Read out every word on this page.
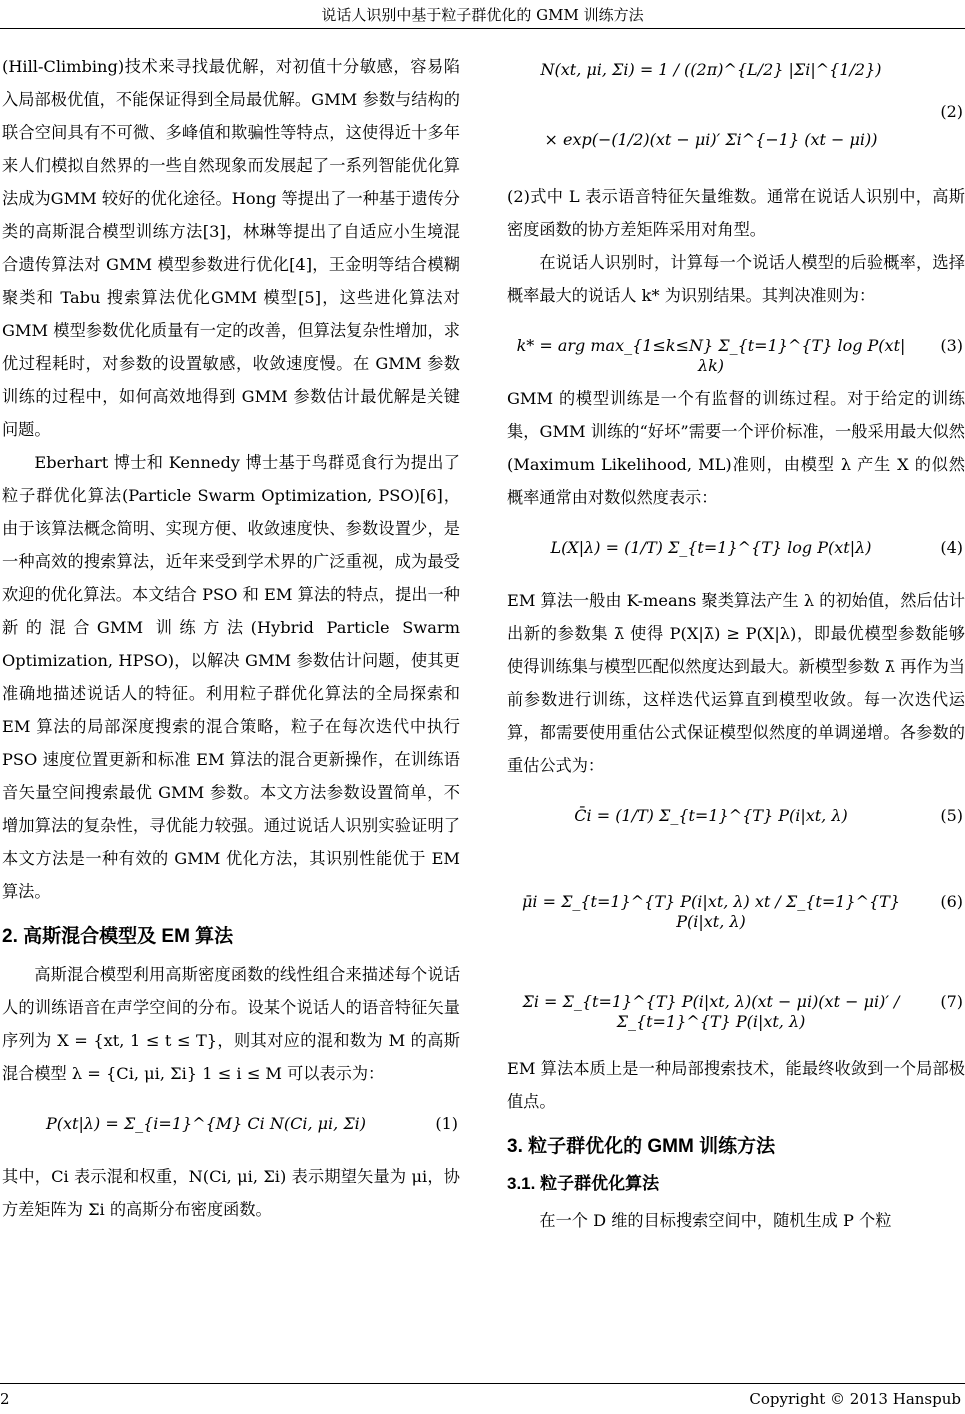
说话人识别中基于粒子群优化的 GMM 训练方法

(Hill-Climbing)技术来寻找最优解，对初值十分敏感，容易陷入局部极优值，不能保证得到全局最优解。GMM 参数与结构的联合空间具有不可微、多峰值和欺骗性等特点，这使得近十多年来人们模拟自然界的一些自然现象而发展起了一系列智能优化算法成为GMM 较好的优化途径。Hong 等提出了一种基于遗传分类的高斯混合模型训练方法[3]，林琳等提出了自适应小生境混合遗传算法对 GMM 模型参数进行优化[4]，王金明等结合模糊聚类和 Tabu 搜索算法优化GMM 模型[5]，这些进化算法对 GMM 模型参数优化质量有一定的改善，但算法复杂性增加，求优过程耗时，对参数的设置敏感，收敛速度慢。在 GMM 参数训练的过程中，如何高效地得到 GMM 参数估计最优解是关键问题。

Eberhart 博士和 Kennedy 博士基于鸟群觅食行为提出了粒子群优化算法(Particle Swarm Optimization, PSO)[6]，由于该算法概念简明、实现方便、收敛速度快、参数设置少，是一种高效的搜索算法，近年来受到学术界的广泛重视，成为最受欢迎的优化算法。本文结合 PSO 和 EM 算法的特点，提出一种新的混合GMM 训练方法(Hybrid Particle Swarm Optimization, HPSO)，以解决 GMM 参数估计问题，使其更准确地描述说话人的特征。利用粒子群优化算法的全局探索和 EM 算法的局部深度搜索的混合策略，粒子在每次迭代中执行 PSO 速度位置更新和标准 EM 算法的混合更新操作，在训练语音矢量空间搜索最优 GMM 参数。本文方法参数设置简单，不增加算法的复杂性，寻优能力较强。通过说话人识别实验证明了本文方法是一种有效的 GMM 优化方法，其识别性能优于 EM 算法。

2. 高斯混合模型及 EM 算法

高斯混合模型利用高斯密度函数的线性组合来描述每个说话人的训练语音在声学空间的分布。设某个说话人的语音特征矢量序列为 X = {xt, 1 ≤ t ≤ T}，则其对应的混和数为 M 的高斯混合模型 λ = {Ci, μi, Σi} 1 ≤ i ≤ M 可以表示为：

P(xt|λ) = Σ_{i=1}^{M} Ci N(Ci, μi, Σi)	(1)

其中，Ci 表示混和权重，N(Ci, μi, Σi) 表示期望矢量为 μi，协方差矩阵为 Σi 的高斯分布密度函数。

N(xt, μi, Σi) = 1 / ((2π)^{L/2} |Σi|^{1/2})
× exp(−(1/2)(xt − μi)′ Σi^{−1} (xt − μi))
(2)

(2)式中 L 表示语音特征矢量维数。通常在说话人识别中，高斯密度函数的协方差矩阵采用对角型。

在说话人识别时，计算每一个说话人模型的后验概率，选择概率最大的说话人 k* 为识别结果。其判决准则为：

k* = arg max_{1≤k≤N} Σ_{t=1}^{T} log P(xt|λk)
(3)

GMM 的模型训练是一个有监督的训练过程。对于给定的训练集，GMM 训练的“好坏”需要一个评价标准，一般采用最大似然(Maximum Likelihood, ML)准则，由模型 λ 产生 X 的似然概率通常由对数似然度表示：

L(X|λ) = (1/T) Σ_{t=1}^{T} log P(xt|λ)	(4)

EM 算法一般由 K-means 聚类算法产生 λ 的初始值，然后估计出新的参数集 λ̄ 使得 P(X|λ̄) ≥ P(X|λ)，即最优模型参数能够使得训练集与模型匹配似然度达到最大。新模型参数 λ̄ 再作为当前参数进行训练，这样迭代运算直到模型收敛。每一次迭代运算，都需要使用重估公式保证模型似然度的单调递增。各参数的重估公式为：

C̄i = (1/T) Σ_{t=1}^{T} P(i|xt, λ)	(5)
μ̄i = Σ_{t=1}^{T} P(i|xt, λ) xt / Σ_{t=1}^{T} P(i|xt, λ)
(6)
Σ̄i = Σ_{t=1}^{T} P(i|xt, λ)(xt − μi)(xt − μi)′ / Σ_{t=1}^{T} P(i|xt, λ)
(7)

EM 算法本质上是一种局部搜索技术，能最终收敛到一个局部极值点。

3. 粒子群优化的 GMM 训练方法
3.1. 粒子群优化算法

在一个 D 维的目标搜索空间中，随机生成 P 个粒

2	Copyright © 2013 Hanspub
